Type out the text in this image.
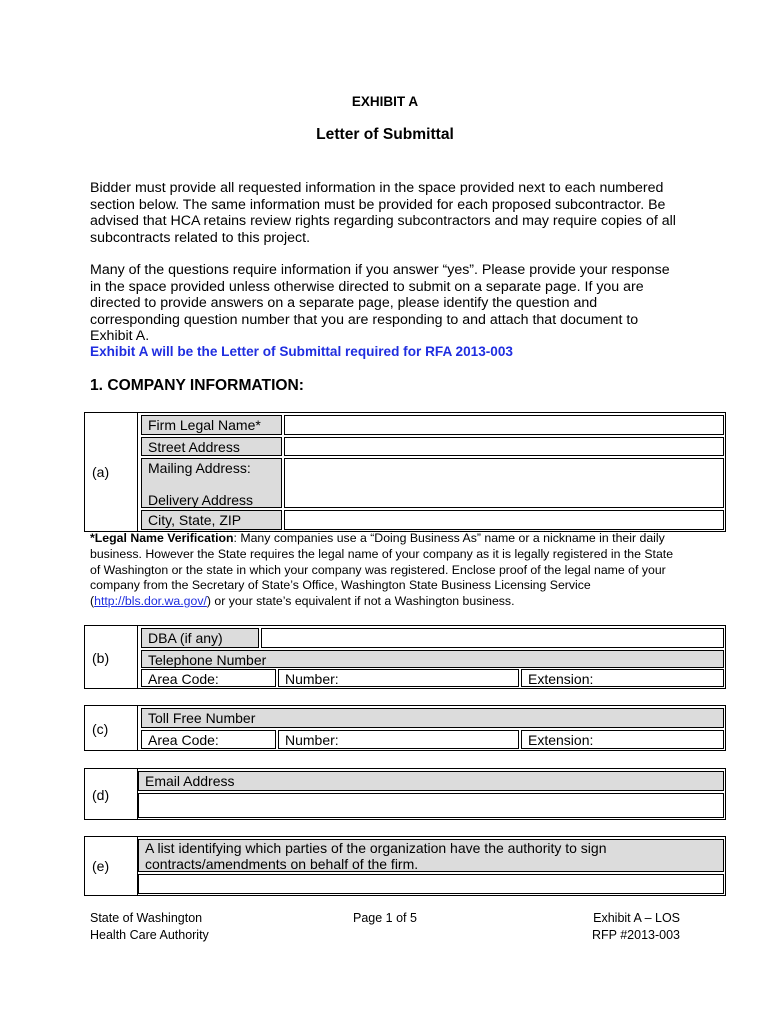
EXHIBIT A
Letter of Submittal
Bidder must provide all requested information in the space provided next to each numbered section below. The same information must be provided for each proposed subcontractor. Be advised that HCA retains review rights regarding subcontractors and may require copies of all subcontracts related to this project.
Many of the questions require information if you answer “yes”. Please provide your response in the space provided unless otherwise directed to submit on a separate page. If you are directed to provide answers on a separate page, please identify the question and corresponding question number that you are responding to and attach that document to Exhibit A.
Exhibit A will be the Letter of Submittal required for RFA 2013-003
1. COMPANY INFORMATION:
(a)
Firm Legal Name*
Street Address
Mailing Address:
Delivery Address
City, State, ZIP
*Legal Name Verification: Many companies use a “Doing Business As” name or a nickname in their daily business. However the State requires the legal name of your company as it is legally registered in the State of Washington or the state in which your company was registered. Enclose proof of the legal name of your company from the Secretary of State’s Office, Washington State Business Licensing Service (http://bls.dor.wa.gov/) or your state’s equivalent if not a Washington business.
(b)
DBA (if any)
Telephone Number
Area Code:	Number:	Extension:
(c)
Toll Free Number
Area Code:	Number:	Extension:
(d)
Email Address
(e)
A list identifying which parties of the organization have the authority to sign contracts/amendments on behalf of the firm.
State of Washington
Health Care Authority
Page 1 of 5	Exhibit A – LOS
RFP #2013-003
